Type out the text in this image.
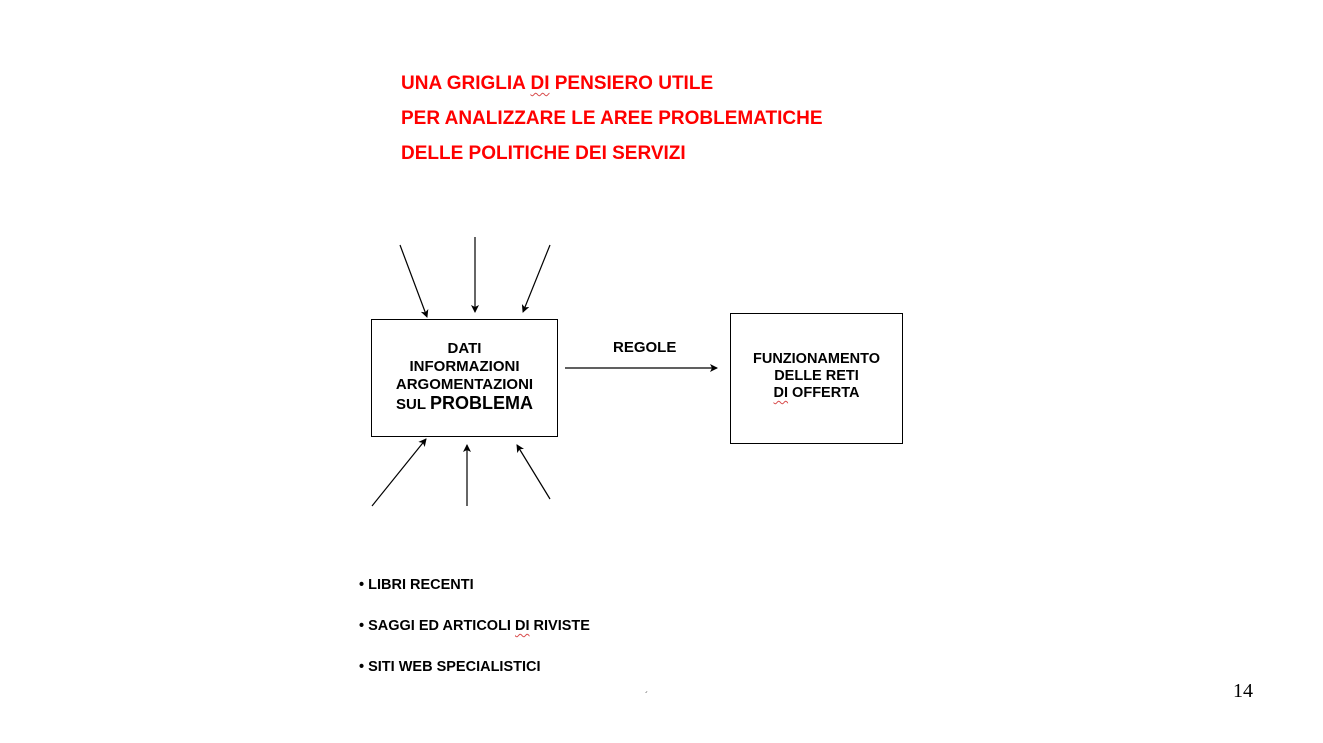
UNA GRIGLIA DI PENSIERO UTILE
PER ANALIZZARE LE AREE PROBLEMATICHE
DELLE POLITICHE DEI SERVIZI
DATI
INFORMAZIONI
ARGOMENTAZIONI
SUL PROBLEMA
REGOLE
FUNZIONAMENTO
DELLE RETI
DI OFFERTA
• LIBRI RECENTI
• SAGGI ED ARTICOLI DI RIVISTE
• SITI WEB SPECIALISTICI
´	14
